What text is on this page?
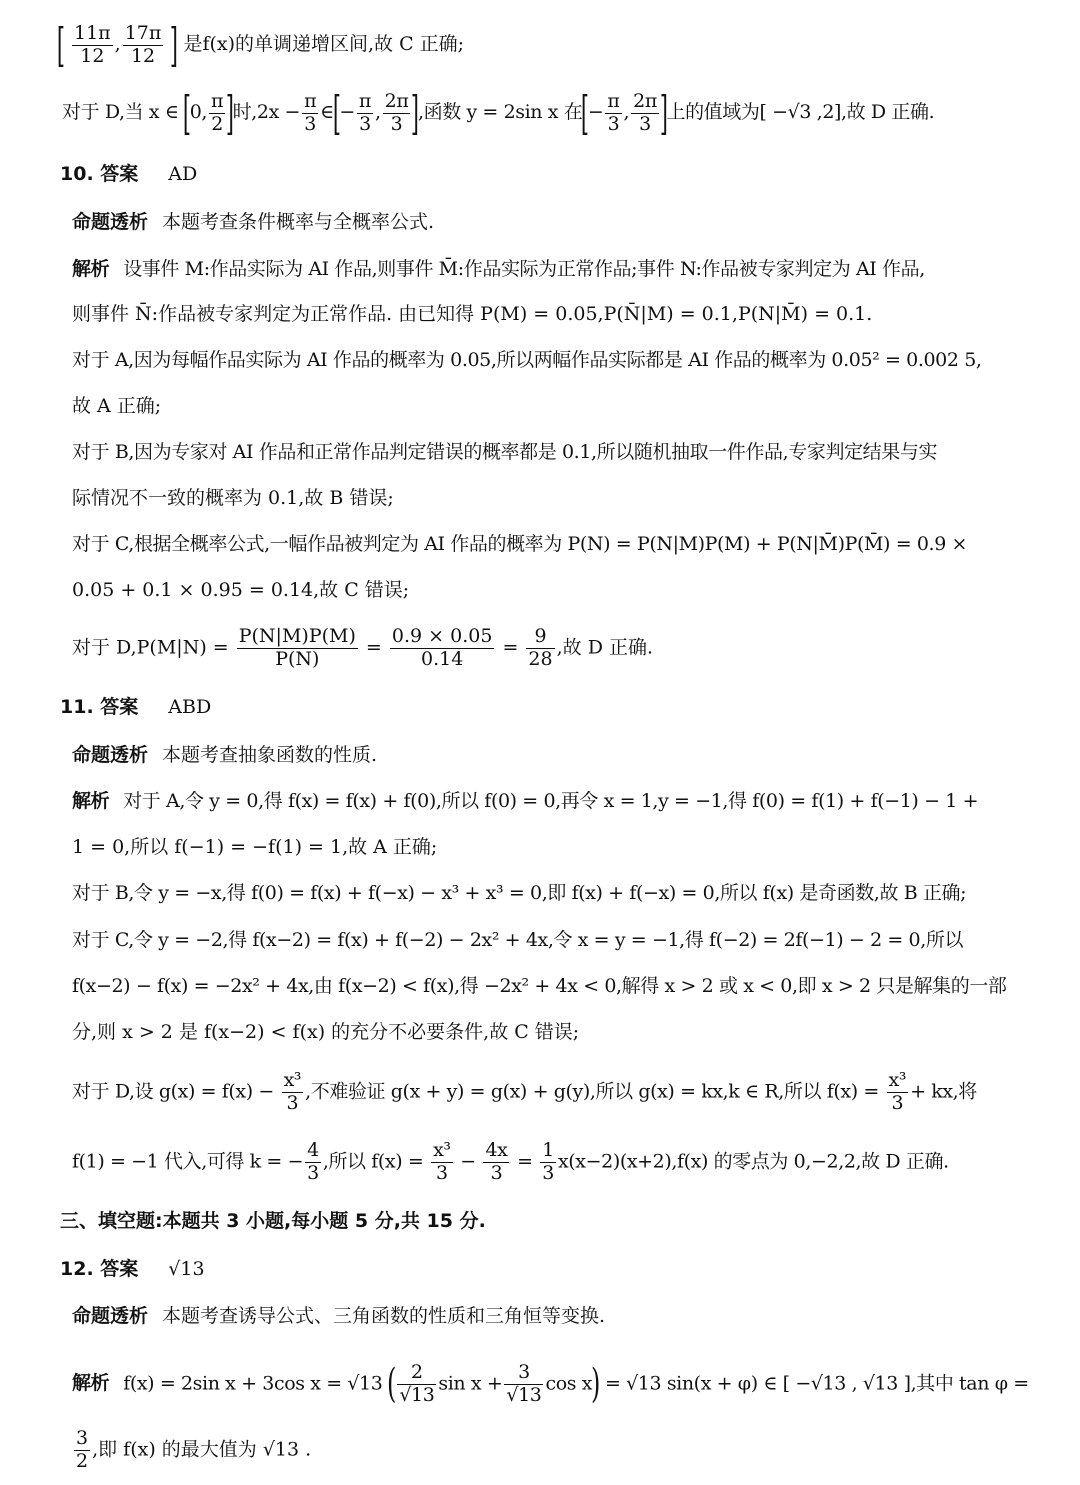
[ $\frac{11\pi}{12}$ , $\frac{17\pi}{12}$ ] 是f(x)的单调递增区间,故 C 正确;
对于 D,当 x ∈ [0, $\frac{\pi}{2}$ ]时$,2x - \frac{\pi}{3}$ ∈[− $\frac{\pi}{3}$ , $\frac{2\pi}{3}$ ],函数 y = 2sin x 在[− $\frac{\pi}{3}$ , $\frac{2\pi}{3}$ ]上的值域为[ −√3 ,2],故 D 正确.
10. 答案 AD
命题透析 本题考查条件概率与全概率公式.
解析 设事件 M:作品实际为 AI 作品,则事件 M̄:作品实际为正常作品;事件 N:作品被专家判定为 AI 作品,
则事件 N̄:作品被专家判定为正常作品. 由已知得 P(M) = 0.05,P(N̄|M) = 0.1,P(N|M̄) = 0.1.
对于 A,因为每幅作品实际为 AI 作品的概率为 0.05,所以两幅作品实际都是 AI 作品的概率为 0.05² = 0.002 5,
故 A 正确;
对于 B,因为专家对 AI 作品和正常作品判定错误的概率都是 0.1,所以随机抽取一件作品,专家判定结果与实
际情况不一致的概率为 0.1,故 B 错误;
对于 C,根据全概率公式,一幅作品被判定为 AI 作品的概率为 P(N) = P(N|M)P(M) + P(N|M̄)P(M̄) = 0.9 ×
0.05 + 0.1 × 0.95 = 0.14,故 C 错误;
对于 $D,P(M|N) = \frac{P(N|M)P(M)}{P(N)} = \frac{0.9 \times 0.05}{0.14} = \frac{9}{28}$ ,故 D 正确.
11. 答案 ABD
命题透析 本题考查抽象函数的性质.
解析 对于 A,令 y = 0,得 f(x) = f(x) + f(0),所以 f(0) = 0,再令 x = 1,y = −1,得 f(0) = f(1) + f(−1) − 1 +
1 = 0,所以 f(−1) = −f(1) = 1,故 A 正确;
对于 B,令 y = −x,得 f(0) = f(x) + f(−x) − x³ + x³ = 0,即 f(x) + f(−x) = 0,所以 f(x) 是奇函数,故 B 正确;
对于 C,令 y = −2,得 f(x−2) = f(x) + f(−2) − 2x² + 4x,令 x = y = −1,得 f(−2) = 2f(−1) − 2 = 0,所以
f(x−2) − f(x) = −2x² + 4x,由 f(x−2) < f(x),得 −2x² + 4x < 0,解得 x > 2 或 x < 0,即 x > 2 只是解集的一部
分,则 x > 2 是 f(x−2) < f(x) 的充分不必要条件,故 C 错误;
对于 D,设 $g(x) = f(x) - \frac{\text{x³}}{3}$ ,不难验证 g(x + y) = g(x) + g(y),所以 g(x) = kx,k ∈ R,所以 $f(x) = \frac{\text{x³}}{3}$ + kx,将
f(1) = −1 代入,可得 k = − $\frac{4}{3}$ ,所以 $f(x) = \frac{\text{x³}}{3} - \frac{4x}{3} = \frac{1}{3} x(x-2)(x+2),f(x)$ 的零点为 0,−2,2,故 D 正确.
三、填空题:本题共 3 小题,每小题 5 分,共 15 分.
12. 答案 √13
命题透析 本题考查诱导公式、三角函数的性质和三角恒等变换.
解析 f(x) = 2sin x + 3cos x = √13 ( $\frac{2}{√13}$ $\sin x + \frac{3}{√13}$ cos x) = √13 sin(x + φ) ∈ [ −√13 , √13 ],其中 tan φ =
$\frac{3}{2}$ ,即 f(x) 的最大值为 √13 .
